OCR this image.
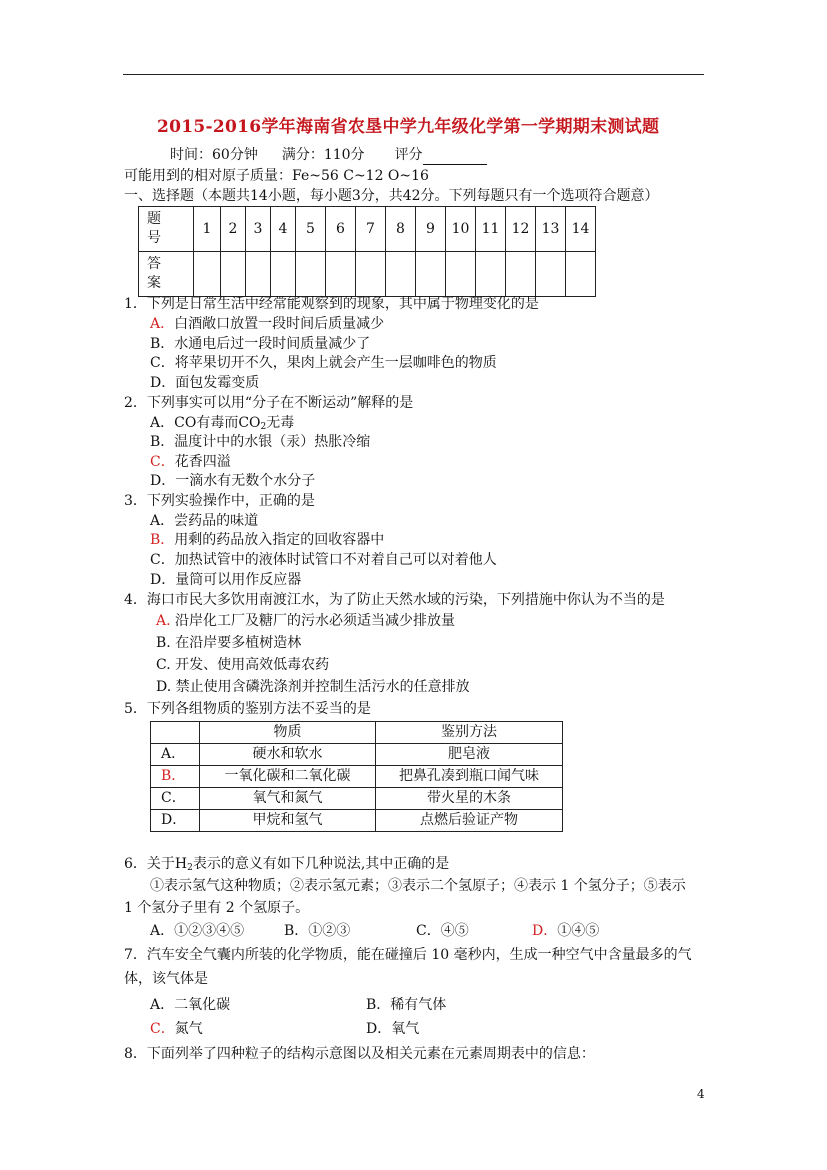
2015-2016学年海南省农垦中学九年级化学第一学期期末测试题
时间：60分钟 满分：110分 评分
可能用到的相对原子质量：Fe~56 C~12 O~16
一、选择题（本题共14小题，每小题3分，共42分。下列每题只有一个选项符合题意）
题号	1	2	3	4	5	6	7	8	9	10	11	12	13	14
答案														
1．下列是日常生活中经常能观察到的现象，其中属于物理变化的是
A．白酒敞口放置一段时间后质量减少
B．水通电后过一段时间质量减少了
C．将苹果切开不久，果肉上就会产生一层咖啡色的物质
D．面包发霉变质
2．下列事实可以用“分子在不断运动”解释的是
A．CO有毒而$CO_2$无毒
B．温度计中的水银（汞）热胀冷缩
C．花香四溢
D．一滴水有无数个水分子
3．下列实验操作中，正确的是
A．尝药品的味道
B．用剩的药品放入指定的回收容器中
C．加热试管中的液体时试管口不对着自己可以对着他人
D．量筒可以用作反应器
4．海口市民大多饮用南渡江水，为了防止天然水域的污染，下列措施中你认为不当的是
A. 沿岸化工厂及糖厂的污水必须适当减少排放量
B. 在沿岸要多植树造林
C. 开发、使用高效低毒农药
D. 禁止使用含磷洗涤剂并控制生活污水的任意排放
5．下列各组物质的鉴别方法不妥当的是
	物质	鉴别方法
A．	硬水和软水	肥皂液
B．	一氧化碳和二氧化碳	把鼻孔凑到瓶口闻气味
C．	氧气和氮气	带火星的木条
D．	甲烷和氢气	点燃后验证产物
6．关于$H_2$表示的意义有如下几种说法,其中正确的是
①表示氢气这种物质；②表示氢元素；③表示二个氢原子；④表示 1 个氢分子；⑤表示
1 个氢分子里有 2 个氢原子。
A．①②③④⑤	B．①②③	C．④⑤	D．①④⑤
7．汽车安全气囊内所装的化学物质，能在碰撞后 10 毫秒内，生成一种空气中含量最多的气
体，该气体是
A．二氧化碳	B．稀有气体
C．氮气	D．氧气
8．下面列举了四种粒子的结构示意图以及相关元素在元素周期表中的信息：
4
